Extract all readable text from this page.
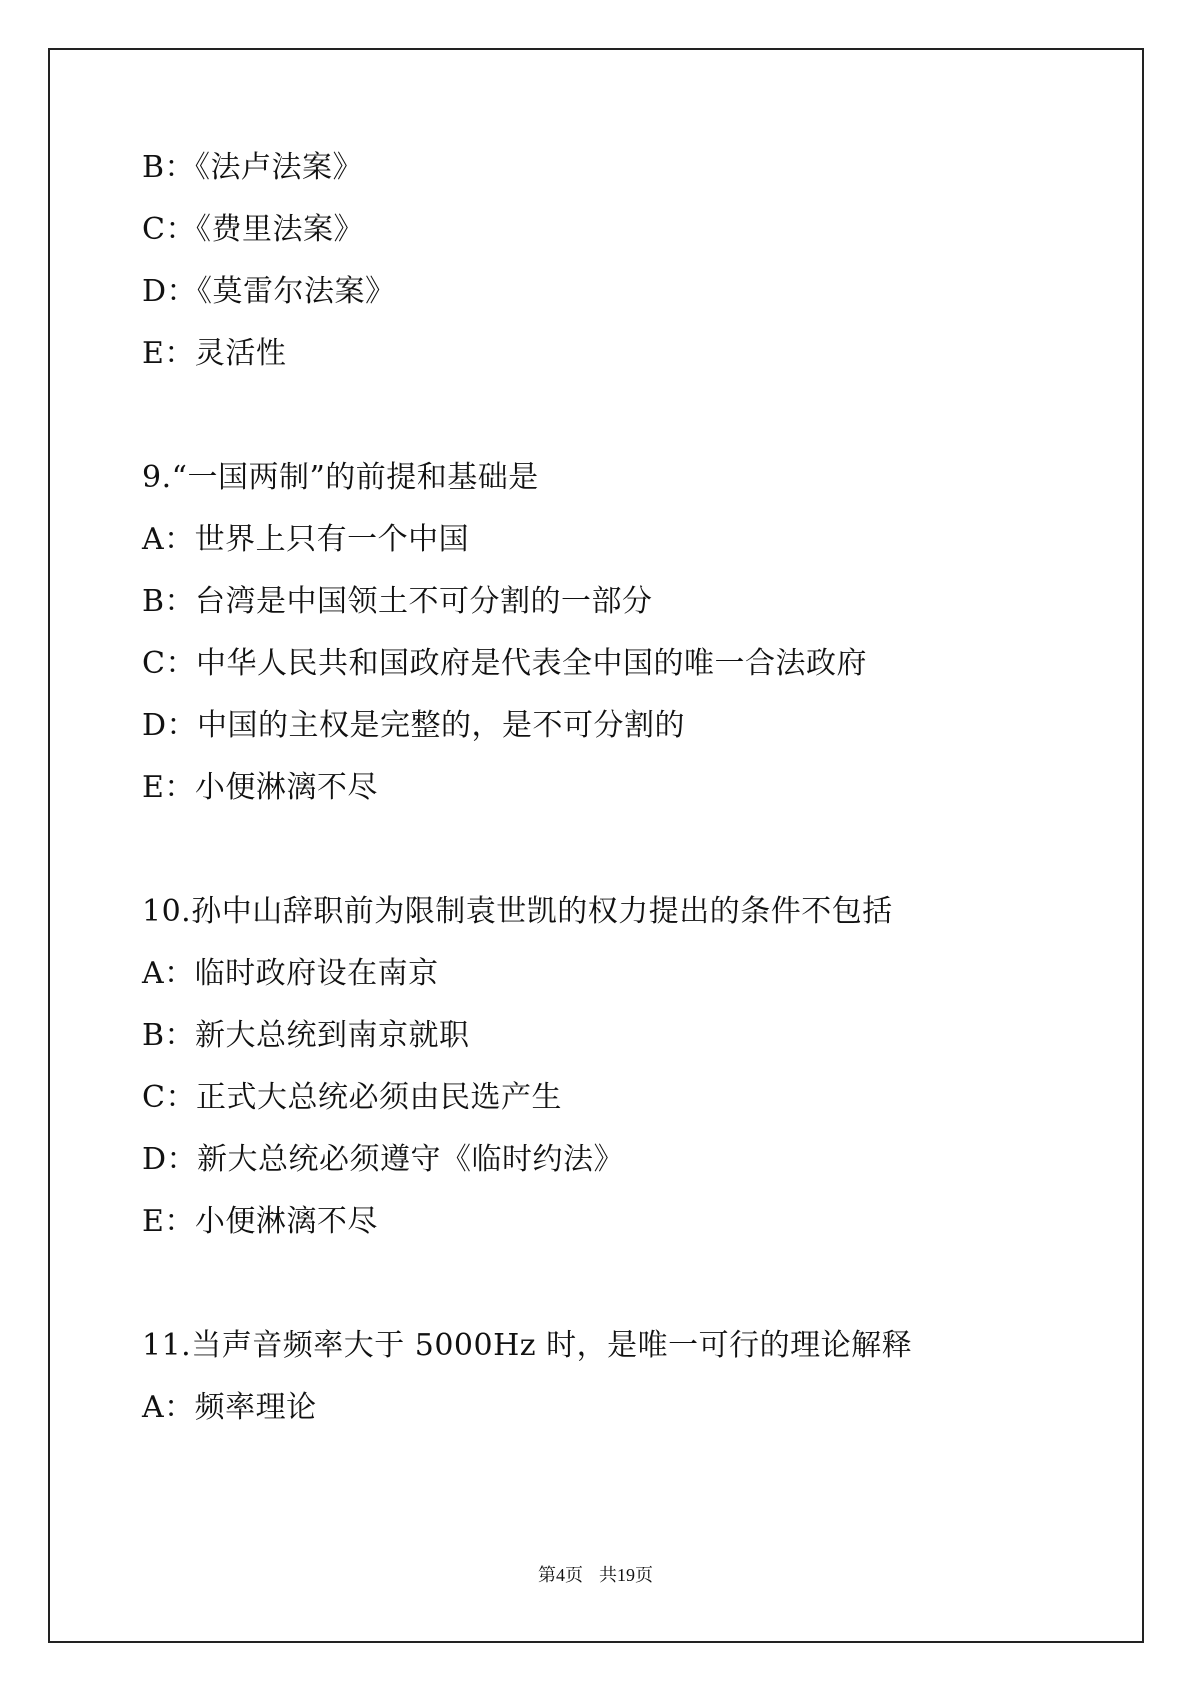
B：《法卢法案》
C：《费里法案》
D：《莫雷尔法案》
E：灵活性
9.“一国两制”的前提和基础是
A：世界上只有一个中国
B：台湾是中国领土不可分割的一部分
C：中华人民共和国政府是代表全中国的唯一合法政府
D：中国的主权是完整的，是不可分割的
E：小便淋漓不尽
10.孙中山辞职前为限制袁世凯的权力提出的条件不包括
A：临时政府设在南京
B：新大总统到南京就职
C：正式大总统必须由民选产生
D：新大总统必须遵守《临时约法》
E：小便淋漓不尽
11.当声音频率大于 5000Hz 时，是唯一可行的理论解释
A：频率理论
第4页 共19页
